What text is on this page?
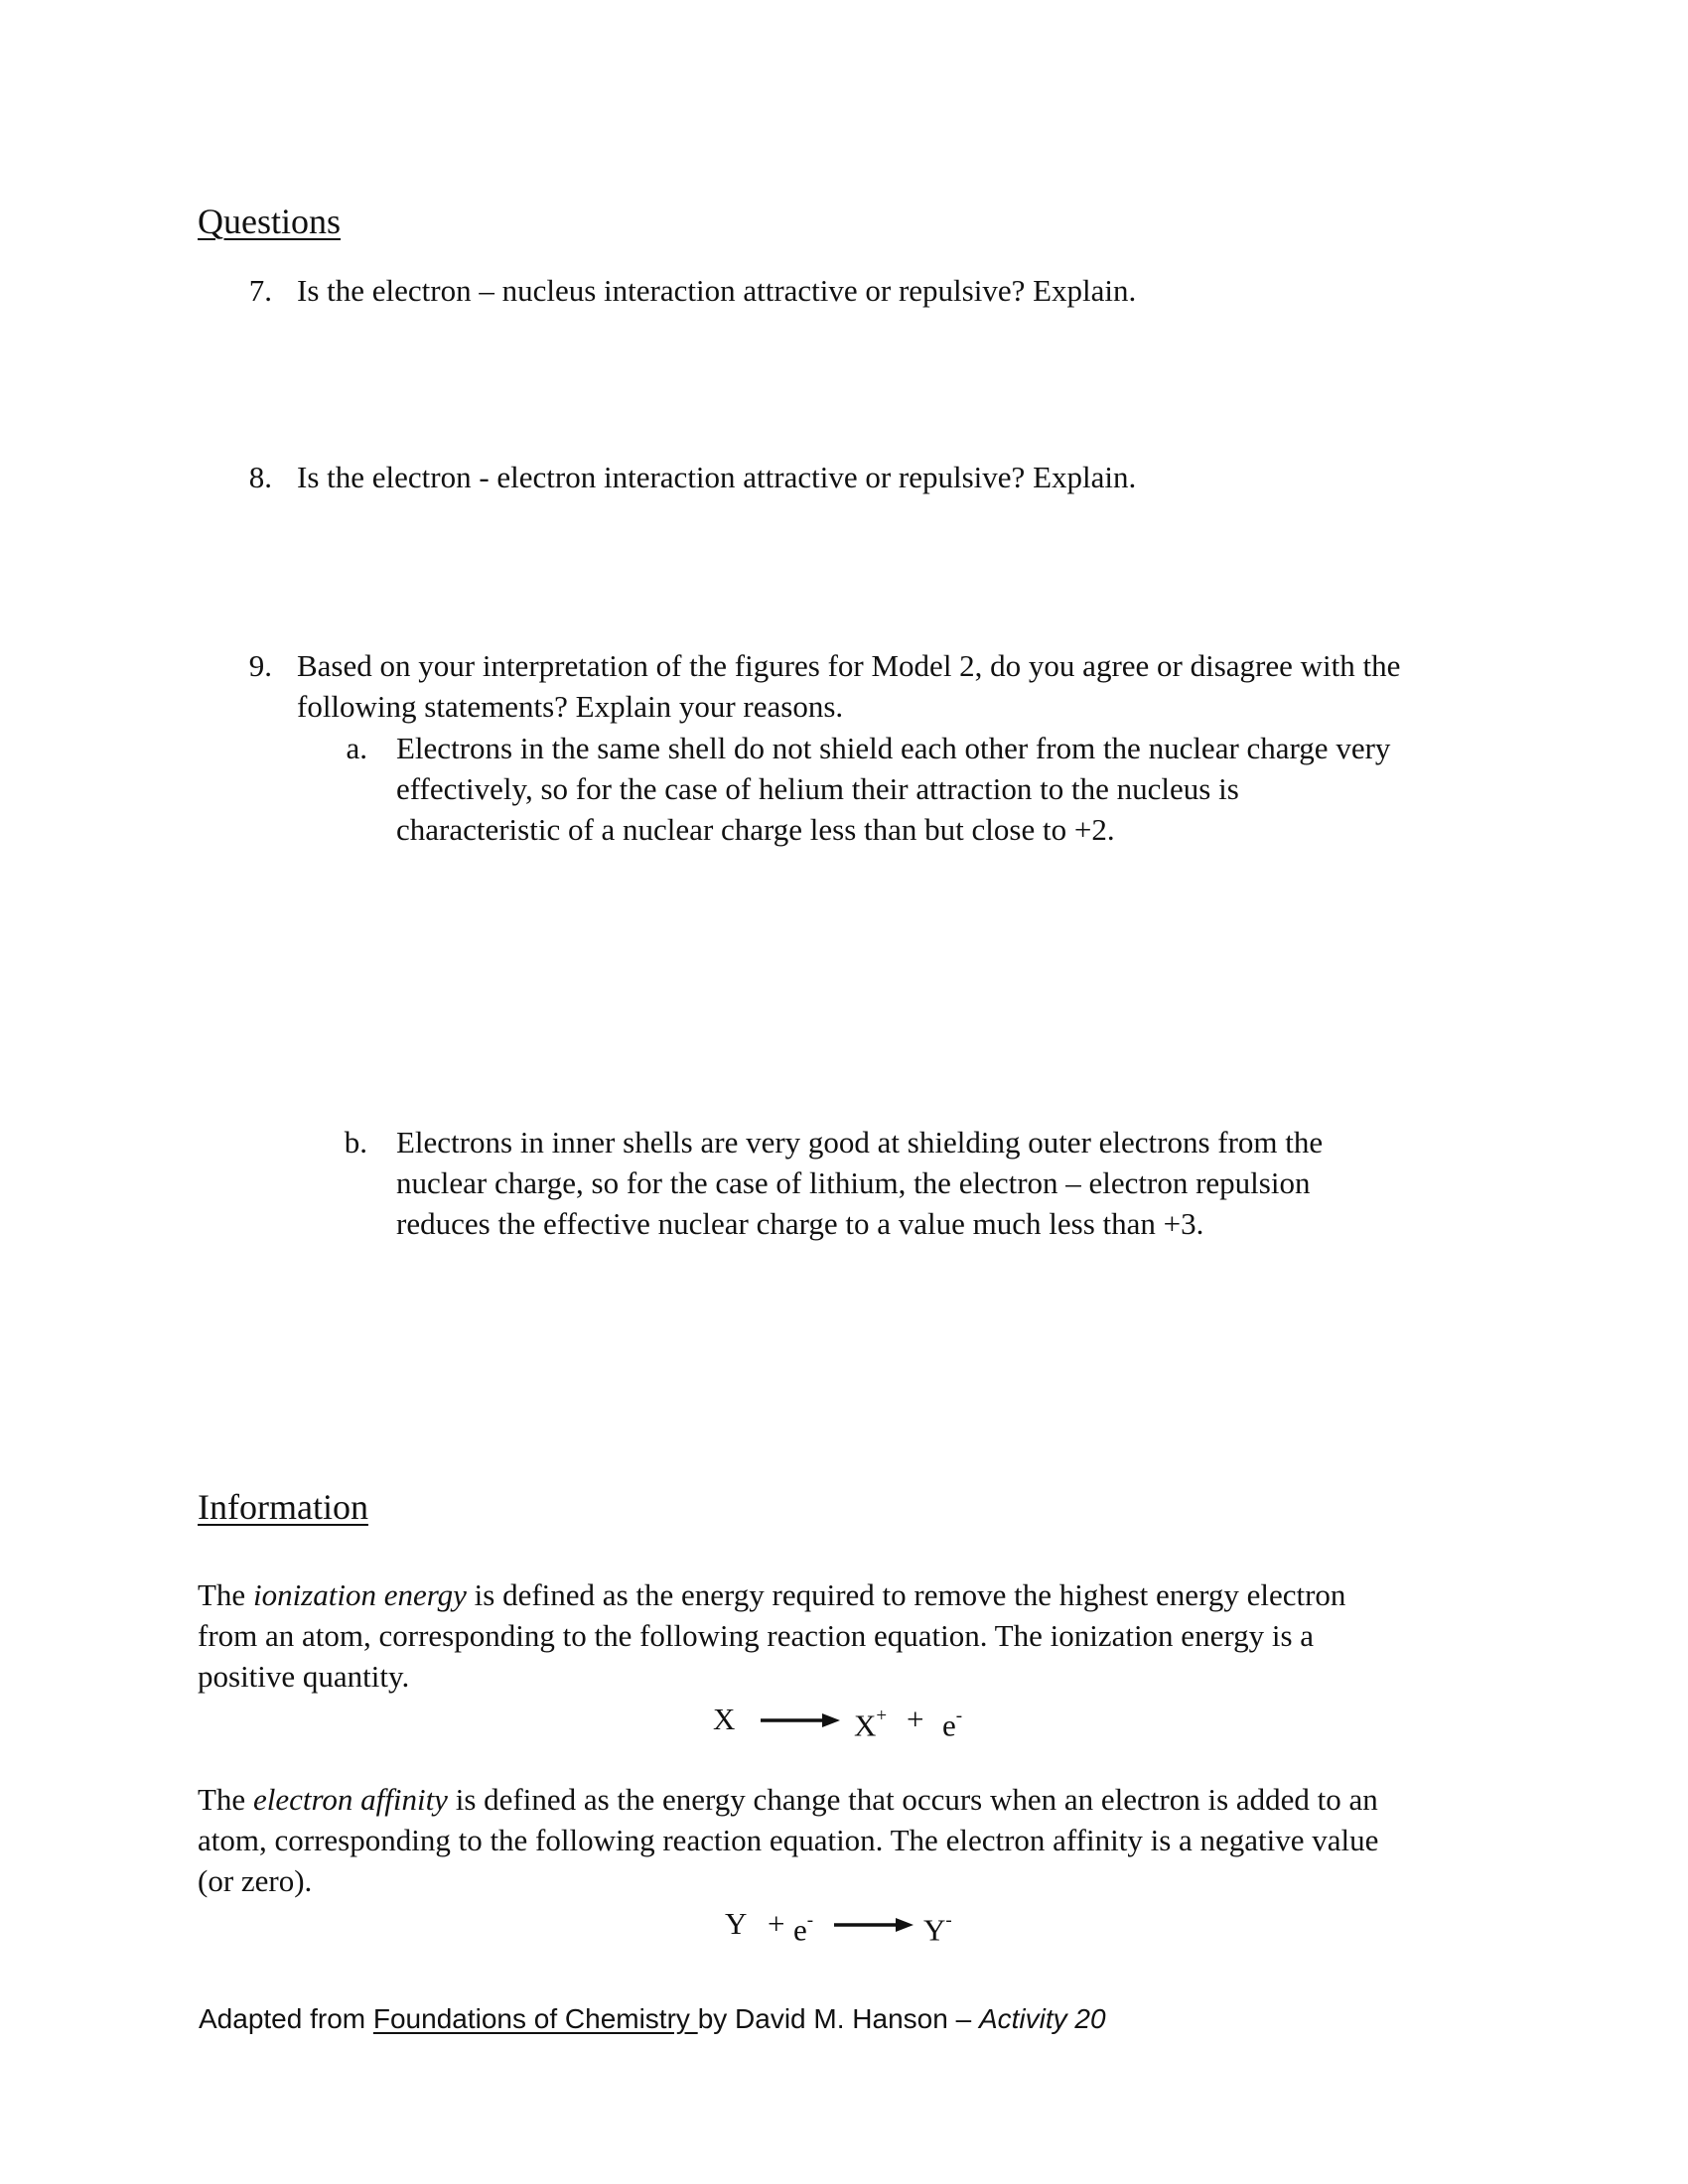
Questions
7. Is the electron – nucleus interaction attractive or repulsive? Explain.
8. Is the electron - electron interaction attractive or repulsive? Explain.
9. Based on your interpretation of the figures for Model 2, do you agree or disagree with the
following statements? Explain your reasons.
a. Electrons in the same shell do not shield each other from the nuclear charge very
effectively, so for the case of helium their attraction to the nucleus is
characteristic of a nuclear charge less than but close to +2.
b. Electrons in inner shells are very good at shielding outer electrons from the
nuclear charge, so for the case of lithium, the electron – electron repulsion
reduces the effective nuclear charge to a value much less than +3.
Information
The ionization energy is defined as the energy required to remove the highest energy electron
from an atom, corresponding to the following reaction equation. The ionization energy is a
positive quantity.
X	X+ + e-
The electron affinity is defined as the energy change that occurs when an electron is added to an
atom, corresponding to the following reaction equation. The electron affinity is a negative value
(or zero).
Y + e-	Y-
Adapted from Foundations of Chemistry by David M. Hanson – Activity 20
